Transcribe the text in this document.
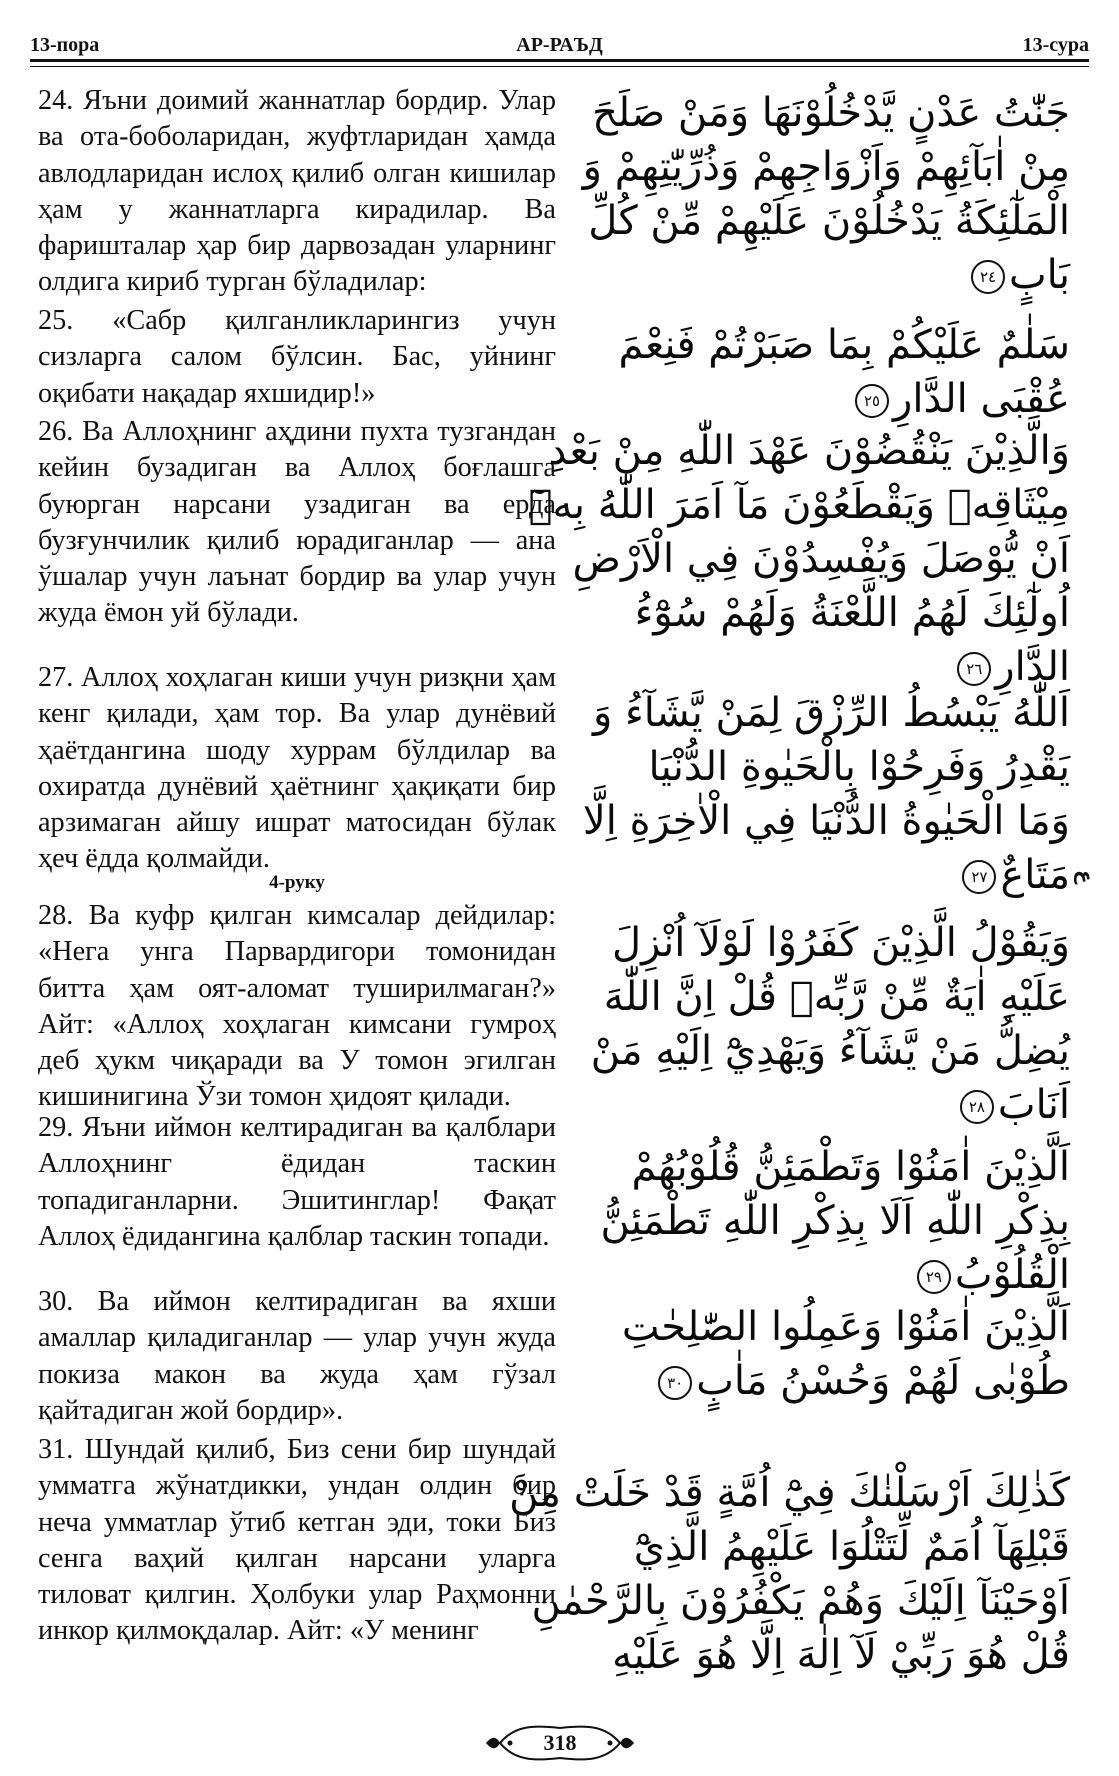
13-пора	АР-РАЪД	13-сура

24. Яъни доимий жаннатлар бордир. Улар ва ота-боболаридан, жуфтларидан ҳамда авлодларидан ислоҳ қилиб олган кишилар ҳам у жаннатларга кирадилар. Ва фаришталар ҳар бир дарвозадан уларнинг олдига кириб турган бўладилар:

25. «Сабр қилганликларингиз учун сизларга салом бўлсин. Бас, уйнинг оқибати нақадар яхшидир!»

26. Ва Аллоҳнинг аҳдини пухта тузгандан кейин бузадиган ва Аллоҳ боғлашга буюрган нарсани узадиган ва ерда бузғунчилик қилиб юрадиганлар — ана ўшалар учун лаънат бордир ва улар учун жуда ёмон уй бўлади.

27. Аллоҳ хоҳлаган киши учун ризқни ҳам кенг қилади, ҳам тор. Ва улар дунёвий ҳаётдангина шоду хуррам бўлдилар ва охиратда дунёвий ҳаётнинг ҳақиқати бир арзимаган айшу ишрат матосидан бўлак ҳеч ёдда қолмайди.

4-руку

28. Ва куфр қилган кимсалар дейдилар: «Нега унга Парвардигори томонидан битта ҳам оят-аломат туширилмаган?» Айт: «Аллоҳ хоҳлаган кимсани гумроҳ деб ҳукм чиқаради ва У томон эгилган кишинигина Ўзи томон ҳидоят қилади.

29. Яъни иймон келтирадиган ва қалблари Аллоҳнинг ёдидан таскин топадиганларни. Эшитинглар! Фақат Аллоҳ ёдидангина қалблар таскин топади.

30. Ва иймон келтирадиган ва яхши амаллар қиладиганлар — улар учун жуда покиза макон ва жуда ҳам гўзал қайтадиган жой бордир».

31. Шундай қилиб, Биз сени бир шундай умматга жўнатдикки, ундан олдин бир неча умматлар ўтиб кетган эди, токи Биз сенга ваҳий қилган нарсани уларга тиловат қилгин. Ҳолбуки улар Раҳмонни инкор қилмоқдалар. Айт: «У менинг

جَنّٰتُ عَدْنٍ يَّدْخُلُوْنَهَا وَمَنْ صَلَحَ
مِنْ اٰبَآئِهِمْ وَاَزْوَاجِهِمْ وَذُرِّيّٰتِهِمْ وَ
الْمَلٰٓئِكَةُ يَدْخُلُوْنَ عَلَيْهِمْ مِّنْ كُلِّ
بَابٍ٢٤
سَلٰمٌ عَلَيْكُمْ بِمَا صَبَرْتُمْ فَنِعْمَ
عُقْبَى الدَّارِ٢٥
وَالَّذِيْنَ يَنْقُضُوْنَ عَهْدَ اللّٰهِ مِنْ بَعْدِ
مِيْثَاقِهٖ وَيَقْطَعُوْنَ مَآ اَمَرَ اللّٰهُ بِهٖٓ
اَنْ يُّوْصَلَ وَيُفْسِدُوْنَ فِي الْاَرْضِ
اُولٰٓئِكَ لَهُمُ اللَّعْنَةُ وَلَهُمْ سُوْٓءُ
الدَّارِ٢٦
اَللّٰهُ يَبْسُطُ الرِّزْقَ لِمَنْ يَّشَآءُ وَ
يَقْدِرُ وَفَرِحُوْا بِالْحَيٰوةِ الدُّنْيَا
وَمَا الْحَيٰوةُ الدُّنْيَا فِي الْاٰخِرَةِ اِلَّا
مَتَاعٌ٢٧
وَيَقُوْلُ الَّذِيْنَ كَفَرُوْا لَوْلَآ اُنْزِلَ
عَلَيْهِ اٰيَةٌ مِّنْ رَّبِّهٖ قُلْ اِنَّ اللّٰهَ
يُضِلُّ مَنْ يَّشَآءُ وَيَهْدِيْٓ اِلَيْهِ مَنْ
اَنَابَ٢٨
اَلَّذِيْنَ اٰمَنُوْا وَتَطْمَئِنُّ قُلُوْبُهُمْ
بِذِكْرِ اللّٰهِ اَلَا بِذِكْرِ اللّٰهِ تَطْمَئِنُّ
الْقُلُوْبُ٢٩
اَلَّذِيْنَ اٰمَنُوْا وَعَمِلُوا الصّٰلِحٰتِ
طُوْبٰى لَهُمْ وَحُسْنُ مَاٰبٍ٣٠
كَذٰلِكَ اَرْسَلْنٰكَ فِيْٓ اُمَّةٍ قَدْ خَلَتْ مِنْ
قَبْلِهَآ اُمَمٌ لِّتَتْلُوَا عَلَيْهِمُ الَّذِيْٓ
اَوْحَيْنَآ اِلَيْكَ وَهُمْ يَكْفُرُوْنَ بِالرَّحْمٰنِ
قُلْ هُوَ رَبِّيْ لَآ اِلٰهَ اِلَّا هُوَ عَلَيْهِ
ع
318
